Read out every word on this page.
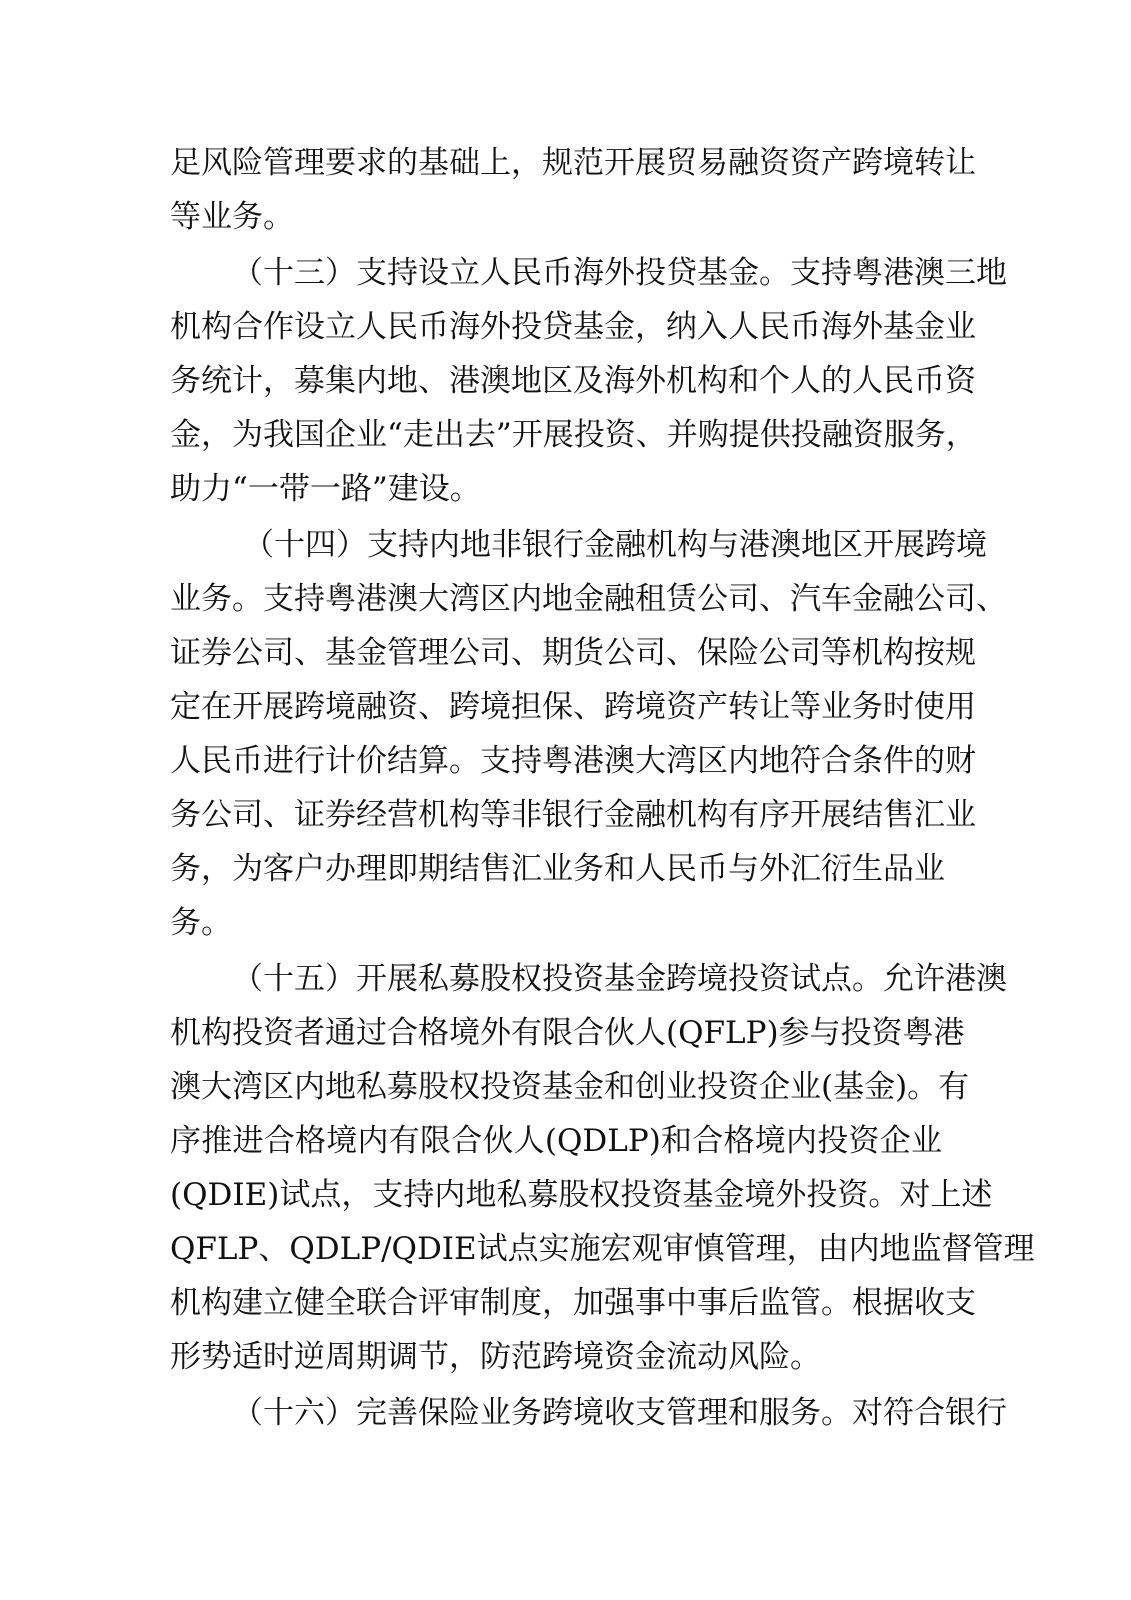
足风险管理要求的基础上，规范开展贸易融资资产跨境转让
等业务。
（十三）支持设立人民币海外投贷基金。支持粤港澳三地
机构合作设立人民币海外投贷基金，纳入人民币海外基金业
务统计，募集内地、港澳地区及海外机构和个人的人民币资
金，为我国企业“走出去”开展投资、并购提供投融资服务，
助力“一带一路”建设。
（十四）支持内地非银行金融机构与港澳地区开展跨境
业务。支持粤港澳大湾区内地金融租赁公司、汽车金融公司、
证券公司、基金管理公司、期货公司、保险公司等机构按规
定在开展跨境融资、跨境担保、跨境资产转让等业务时使用
人民币进行计价结算。支持粤港澳大湾区内地符合条件的财
务公司、证券经营机构等非银行金融机构有序开展结售汇业
务，为客户办理即期结售汇业务和人民币与外汇衍生品业
务。
（十五）开展私募股权投资基金跨境投资试点。允许港澳
机构投资者通过合格境外有限合伙人(QFLP)参与投资粤港
澳大湾区内地私募股权投资基金和创业投资企业(基金)。有
序推进合格境内有限合伙人(QDLP)和合格境内投资企业
(QDIE)试点，支持内地私募股权投资基金境外投资。对上述
QFLP、QDLP/QDIE试点实施宏观审慎管理，由内地监督管理
机构建立健全联合评审制度，加强事中事后监管。根据收支
形势适时逆周期调节，防范跨境资金流动风险。
（十六）完善保险业务跨境收支管理和服务。对符合银行
